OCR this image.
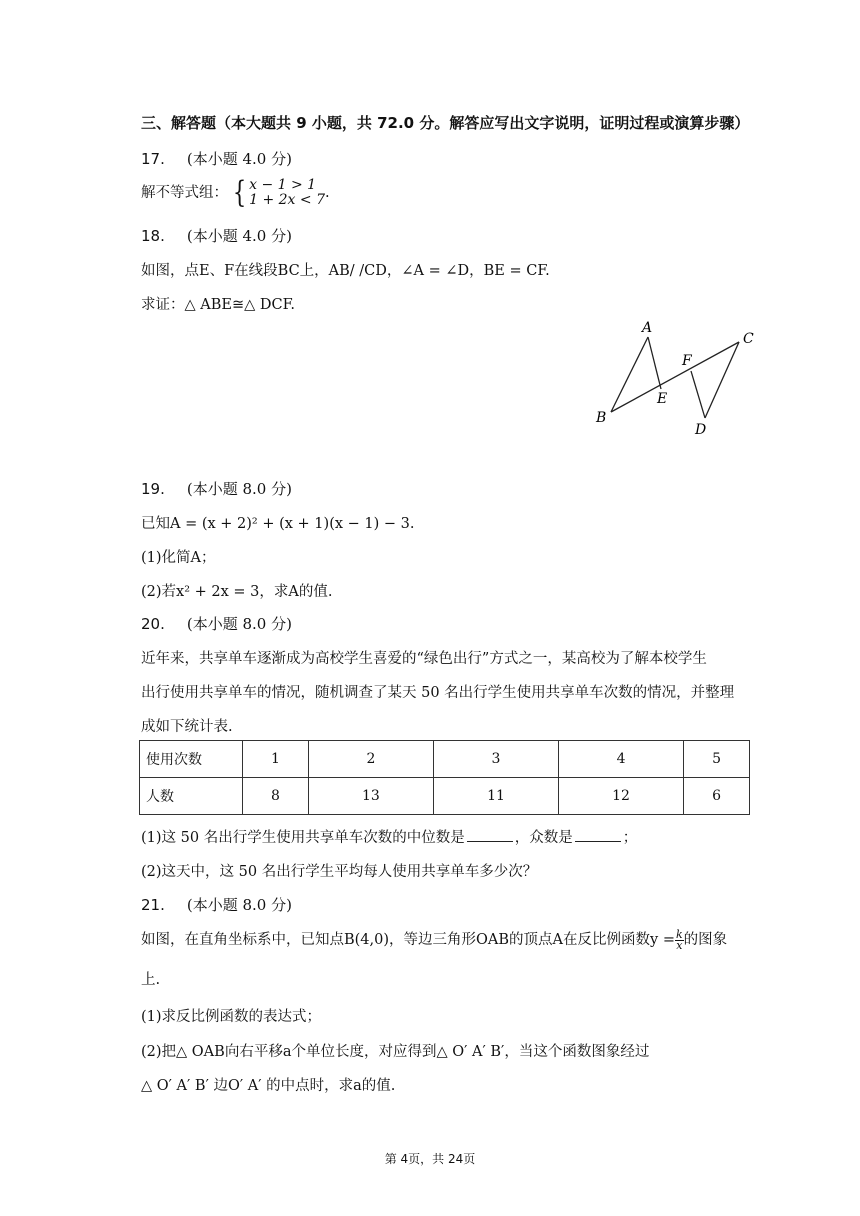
三、解答题（本大题共 9 小题，共 72.0 分。解答应写出文字说明，证明过程或演算步骤）
17. (本小题 4.0 分)
解不等式组： { x − 1 > 1
1 + 2x < 7.
18. (本小题 4.0 分)
如图，点E、F在线段BC上，AB/ /CD，∠A = ∠D，BE = CF.
求证：△ ABE≅△ DCF.
A
B
C
D
E
F
19. (本小题 8.0 分)
已知A = (x + 2)² + (x + 1)(x − 1) − 3.
(1)化简A；
(2)若x² + 2x = 3，求A的值.
20. (本小题 8.0 分)
近年来，共享单车逐渐成为高校学生喜爱的“绿色出行”方式之一，某高校为了解本校学生
出行使用共享单车的情况，随机调查了某天 50 名出行学生使用共享单车次数的情况，并整理
成如下统计表.
使用次数	1	2	3	4	5
人数	8	13	11	12	6
(1)这 50 名出行学生使用共享单车次数的中位数是	，众数是	；
(2)这天中，这 50 名出行学生平均每人使用共享单车多少次？
21. (本小题 8.0 分)
如图，在直角坐标系中，已知点B(4,0)，等边三角形OAB的顶点A在反比例函数$y = \frac{k}{x}$ 的图象
上.
(1)求反比例函数的表达式；
(2)把△ OAB向右平移a个单位长度，对应得到△ O′ A′ B′，当这个函数图象经过
△ O′ A′ B′ 边O′ A′ 的中点时，求a的值.
第 4页，共 24页
